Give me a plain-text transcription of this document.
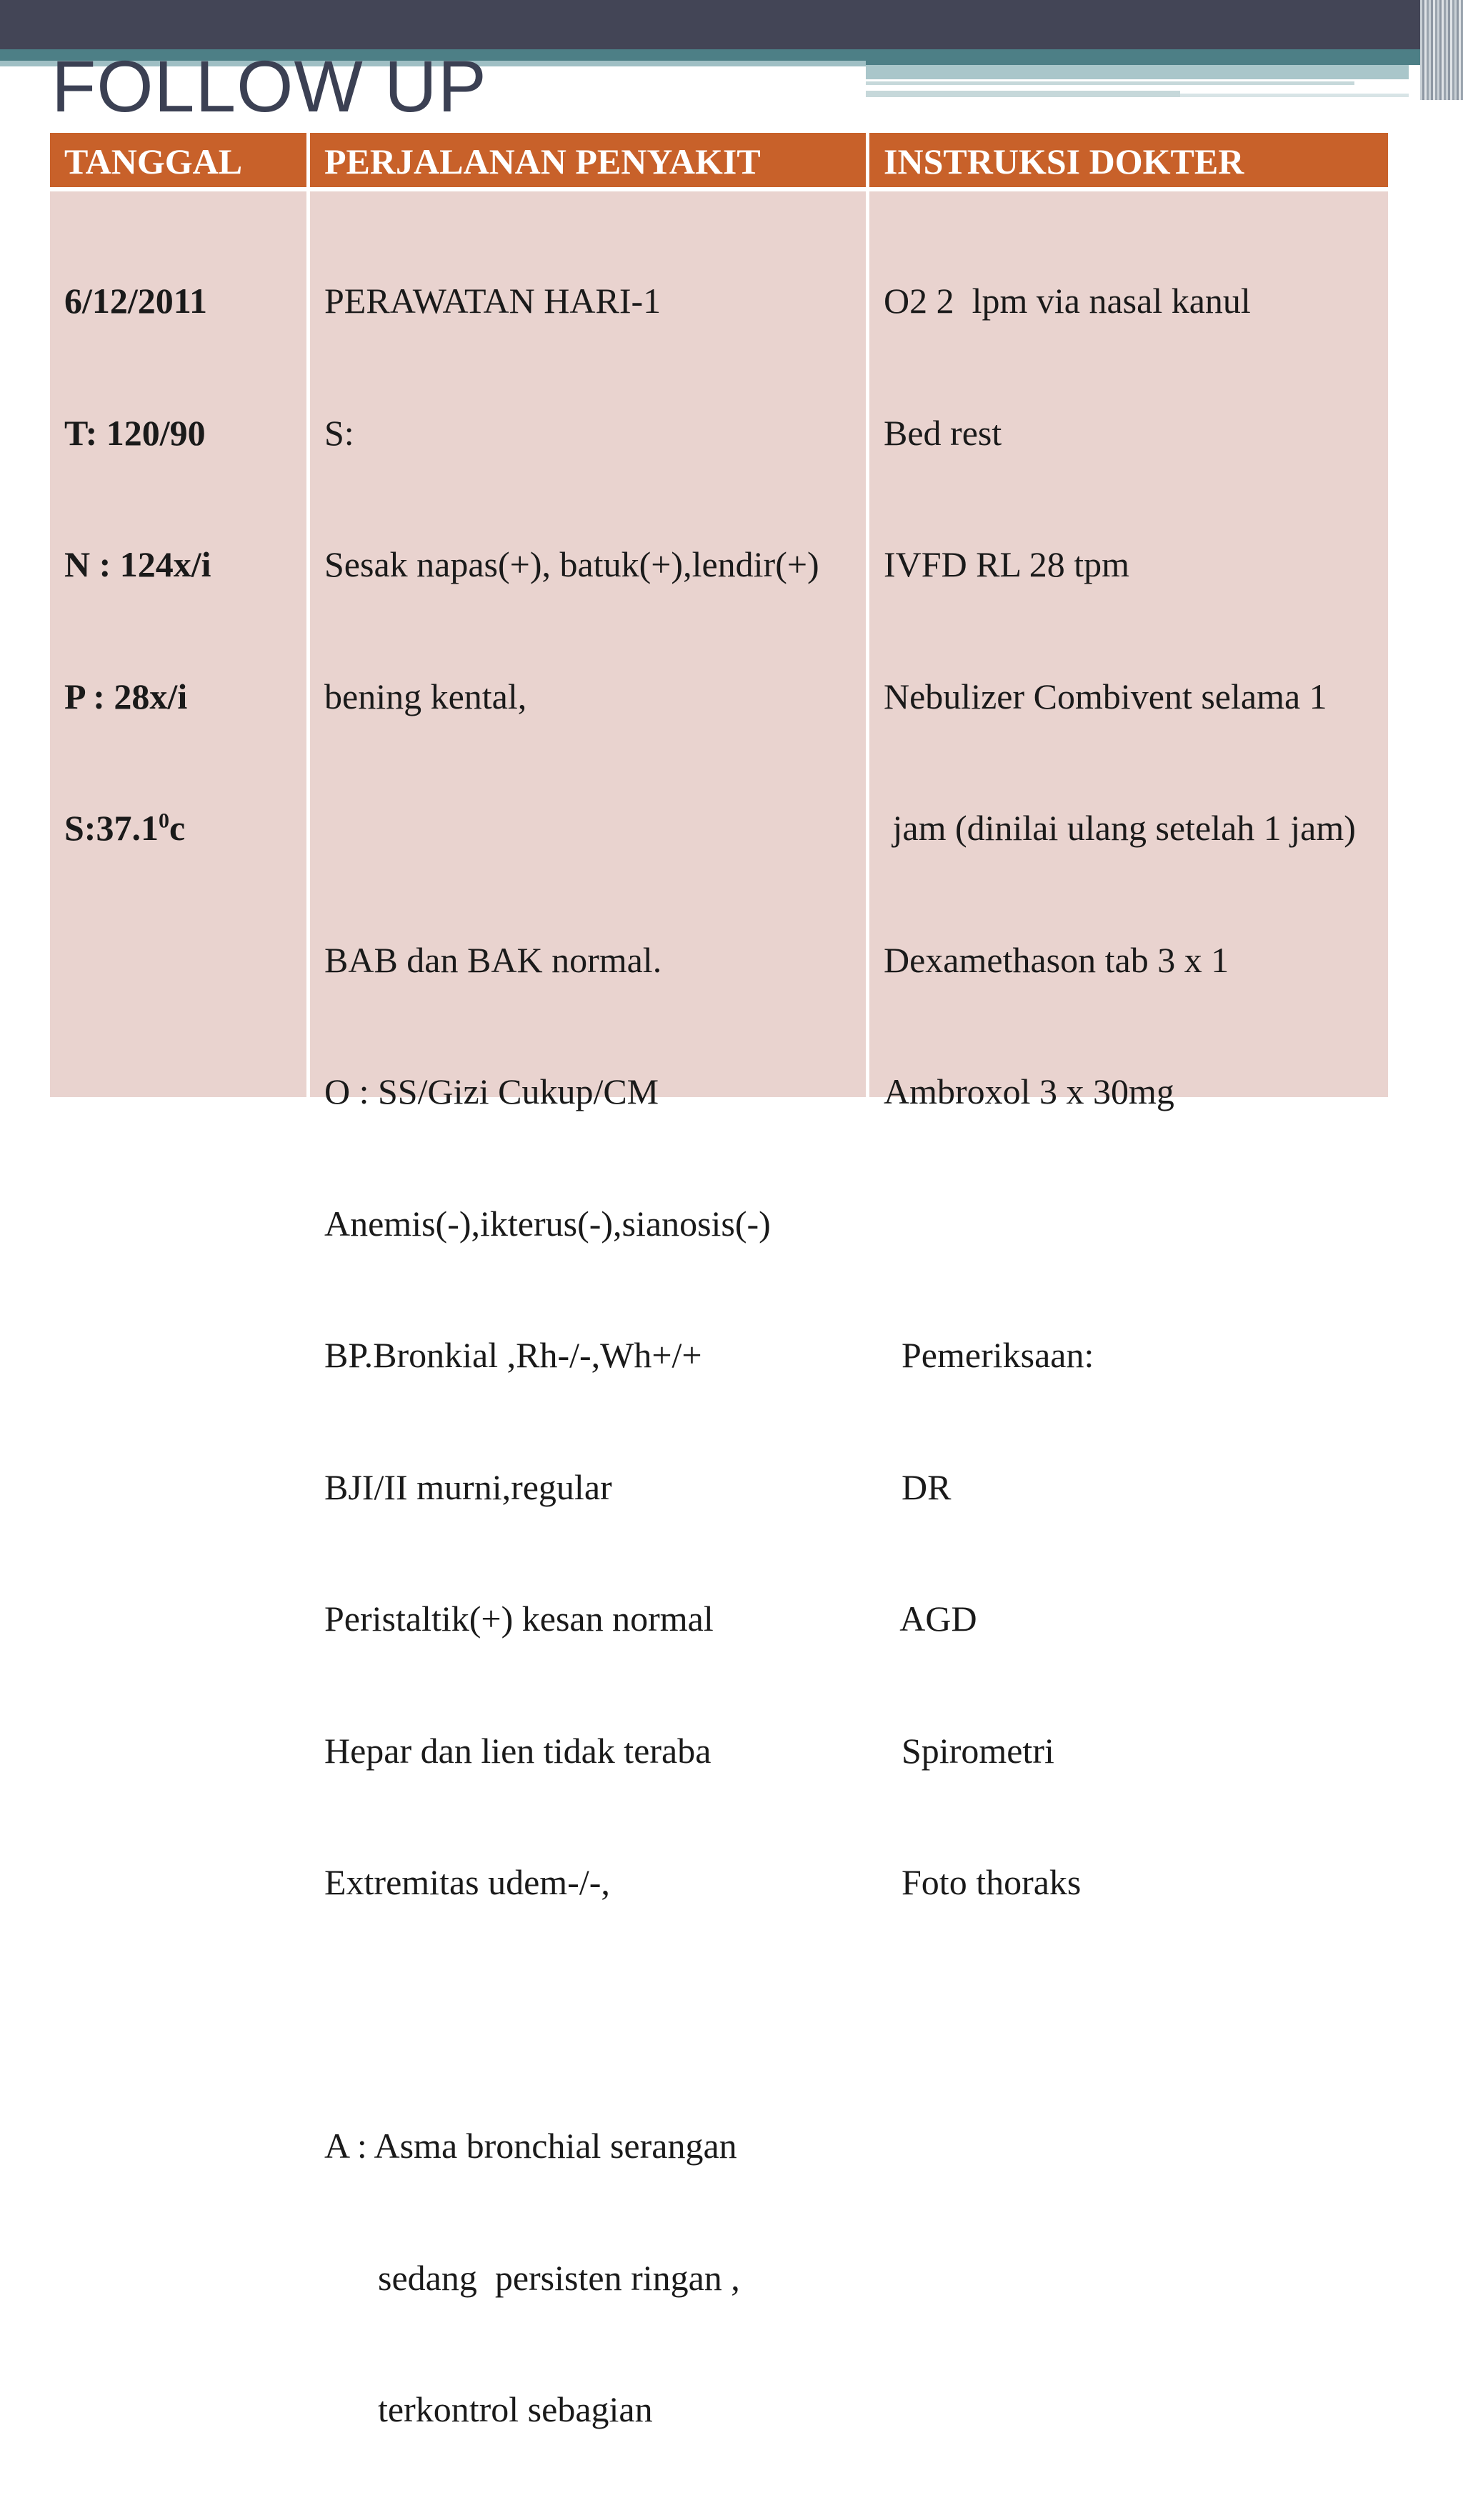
FOLLOW UP
TANGGAL	PERJALANAN PENYAKIT	INSTRUKSI DOKTER

6/12/2011

T: 120/90

N : 124x/i

P : 28x/i

S:37.1$^0$c

PERAWATAN HARI-1

S:

Sesak napas(+), batuk(+),lendir(+)

bening kental,

BAB dan BAK normal.

O : SS/Gizi Cukup/CM

Anemis(-),ikterus(-),sianosis(-)

BP.Bronkial ,Rh-/-,Wh+/+

BJI/II murni,regular

Peristaltik(+) kesan normal

Hepar dan lien tidak teraba

Extremitas udem-/-,

A : Asma bronchial serangan

sedang  persisten ringan ,

terkontrol sebagian

O2 2  lpm via nasal kanul

Bed rest

IVFD RL 28 tpm

Nebulizer Combivent selama 1

jam (dinilai ulang setelah 1 jam)

Dexamethason tab 3 x 1

Ambroxol 3 x 30mg

Pemeriksaan:

DR

AGD

Spirometri

Foto thoraks
